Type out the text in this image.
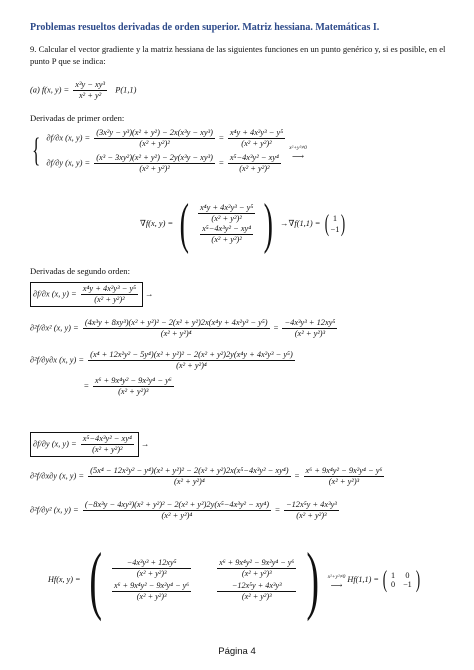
Problemas resueltos derivadas de orden superior. Matriz hessiana. Matemáticas I.
9. Calcular el vector gradiente y la matriz hessiana de las siguientes funciones en un punto genérico y, si es posible, en el punto P que se indica:
(a) f(x, $y) = \frac{\text{x³y − xy³}}{\text{x² + y²}} P(1,1)$
Derivadas de primer orden:
{ ∂f/∂x (x, $y) = \frac{\text{(3x²y − y³)(x² + y²) − 2x(x³y − xy³)}}{\text{(x² + y²)²}} = \frac{\text{x⁴y + 4x²y³ − y⁵}}{\text{(x² + y²)²}}$
∂f/∂y (x, $y) = \frac{\text{(x³ − 3xy²)(x² + y²) − 2y(x³y − xy³)}}{\text{(x² + y²)²}} = \frac{\text{x⁵−4x³y² − xy⁴}}{\text{(x² + y²)²}}$
x²+y²≠0
⟶
∇f(x, y) = ( $\frac{\text{x⁴y + 4x²y³ − y⁵}}{\text{(x² + y²)²}}$
$\frac{\text{x⁵−4x³y² − xy⁴}}{\text{(x² + y²)²}}$ ) →∇f(1,1) = ( 1
−1 )
Derivadas de segundo orden:
∂f/∂x (x, $y) = \frac{\text{x⁴y + 4x²y³ − y⁵}}{\text{(x² + y²)²}}$ →
∂²f/∂x² (x, $y) = \frac{\text{(4x³y + 8xy³)(x² + y²)² − 2(x² + y²)2x(x⁴y + 4x²y³ − y⁵)}}{\text{(x² + y²)⁴}} = \frac{\text{−4x³y³ + 12xy⁵}}{\text{(x² + y²)³}}$
∂²f/∂y∂x (x, y) =
(x⁴ + 12x²y² − 5y⁴)(x² + y²)² − 2(x² + y²)2y(x⁴y + 4x²y³ − y⁵)
(x² + y²)⁴
= $\frac{\text{x⁶ + 9x⁴y² − 9x²y⁴ − y⁶}}{\text{(x² + y²)³}}$
∂f/∂y (x, $y) = \frac{\text{x⁵−4x³y² − xy⁴}}{\text{(x² + y²)²}}$ →
∂²f/∂x∂y (x, $y) = \frac{\text{(5x⁴ − 12x²y² − y⁴)(x² + y²)² − 2(x² + y²)2x(x⁵−4x³y² − xy⁴)}}{\text{(x² + y²)⁴}} = \frac{\text{x⁶ + 9x⁴y² − 9x²y⁴ − y⁶}}{\text{(x² + y²)³}}$
∂²f/∂y² (x, $y) = \frac{\text{(−8x³y − 4xy³)(x² + y²)² − 2(x² + y²)2y(x⁵−4x³y² − xy⁴)}}{\text{(x² + y²)⁴}} = \frac{\text{−12x⁵y + 4x³y³}}{\text{(x² + y²)³}}$
Hf(x, y) = ( $\frac{\text{−4x³y³ + 12xy⁵}}{\text{(x² + y²)³}}$	$\frac{\text{x⁶ + 9x⁴y² − 9x²y⁴ − y⁶}}{\text{(x² + y²)³}}$
$\frac{\text{x⁶ + 9x⁴y² − 9x²y⁴ − y⁶}}{\text{(x² + y²)³}}$	$\frac{\text{−12x⁵y + 4x³y³}}{\text{(x² + y²)³}}$ ) x²+y²≠0
⟶ Hf(1,1) = ( 1 0
0 −1 )
Página 4
